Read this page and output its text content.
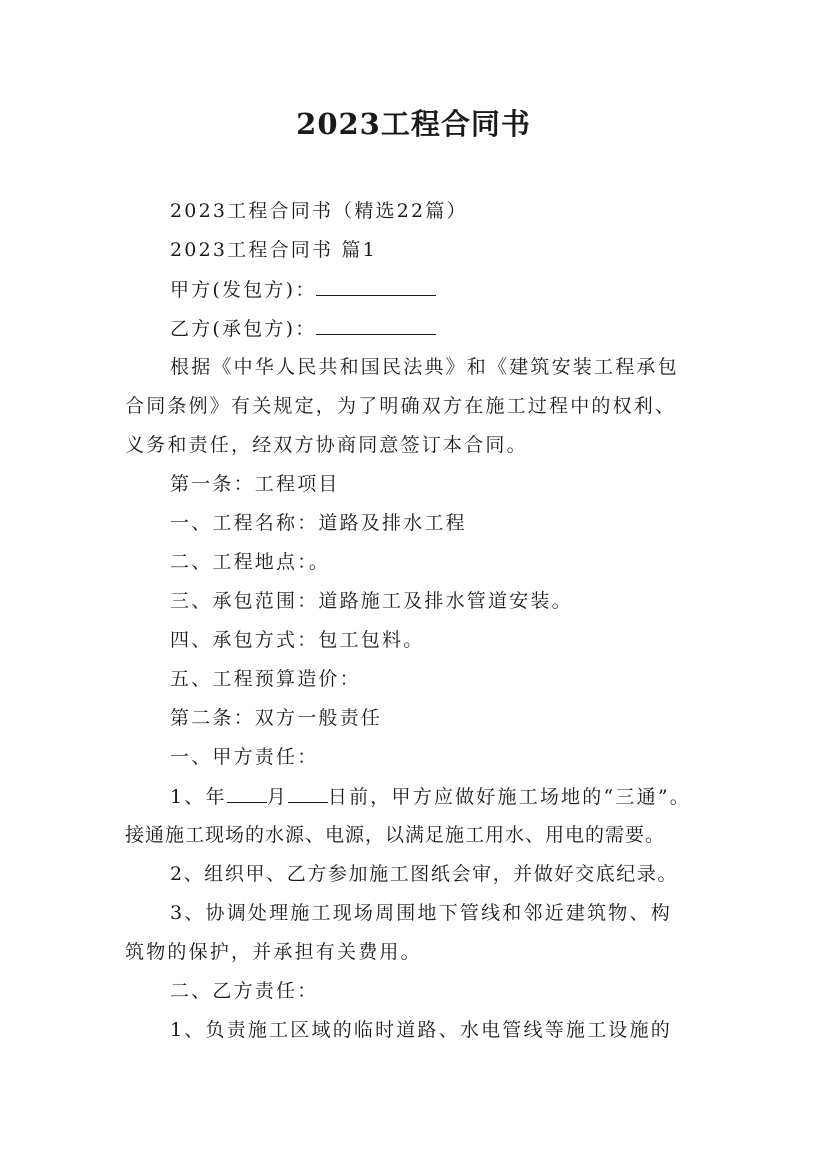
2023工程合同书
2023工程合同书（精选22篇）
2023工程合同书 篇1
甲方(发包方)：
乙方(承包方)：
根据《中华人民共和国民法典》和《建筑安装工程承包
合同条例》有关规定，为了明确双方在施工过程中的权利、
义务和责任，经双方协商同意签订本合同。
第一条：工程项目
一、工程名称：道路及排水工程
二、工程地点：。
三、承包范围：道路施工及排水管道安装。
四、承包方式：包工包料。
五、工程预算造价：
第二条：双方一般责任
一、甲方责任：
1、年 月 日前，甲方应做好施工场地的“三通”。
接通施工现场的水源、电源，以满足施工用水、用电的需要。
2、组织甲、乙方参加施工图纸会审，并做好交底纪录。
3、协调处理施工现场周围地下管线和邻近建筑物、构
筑物的保护，并承担有关费用。
二、乙方责任：
1、负责施工区域的临时道路、水电管线等施工设施的
